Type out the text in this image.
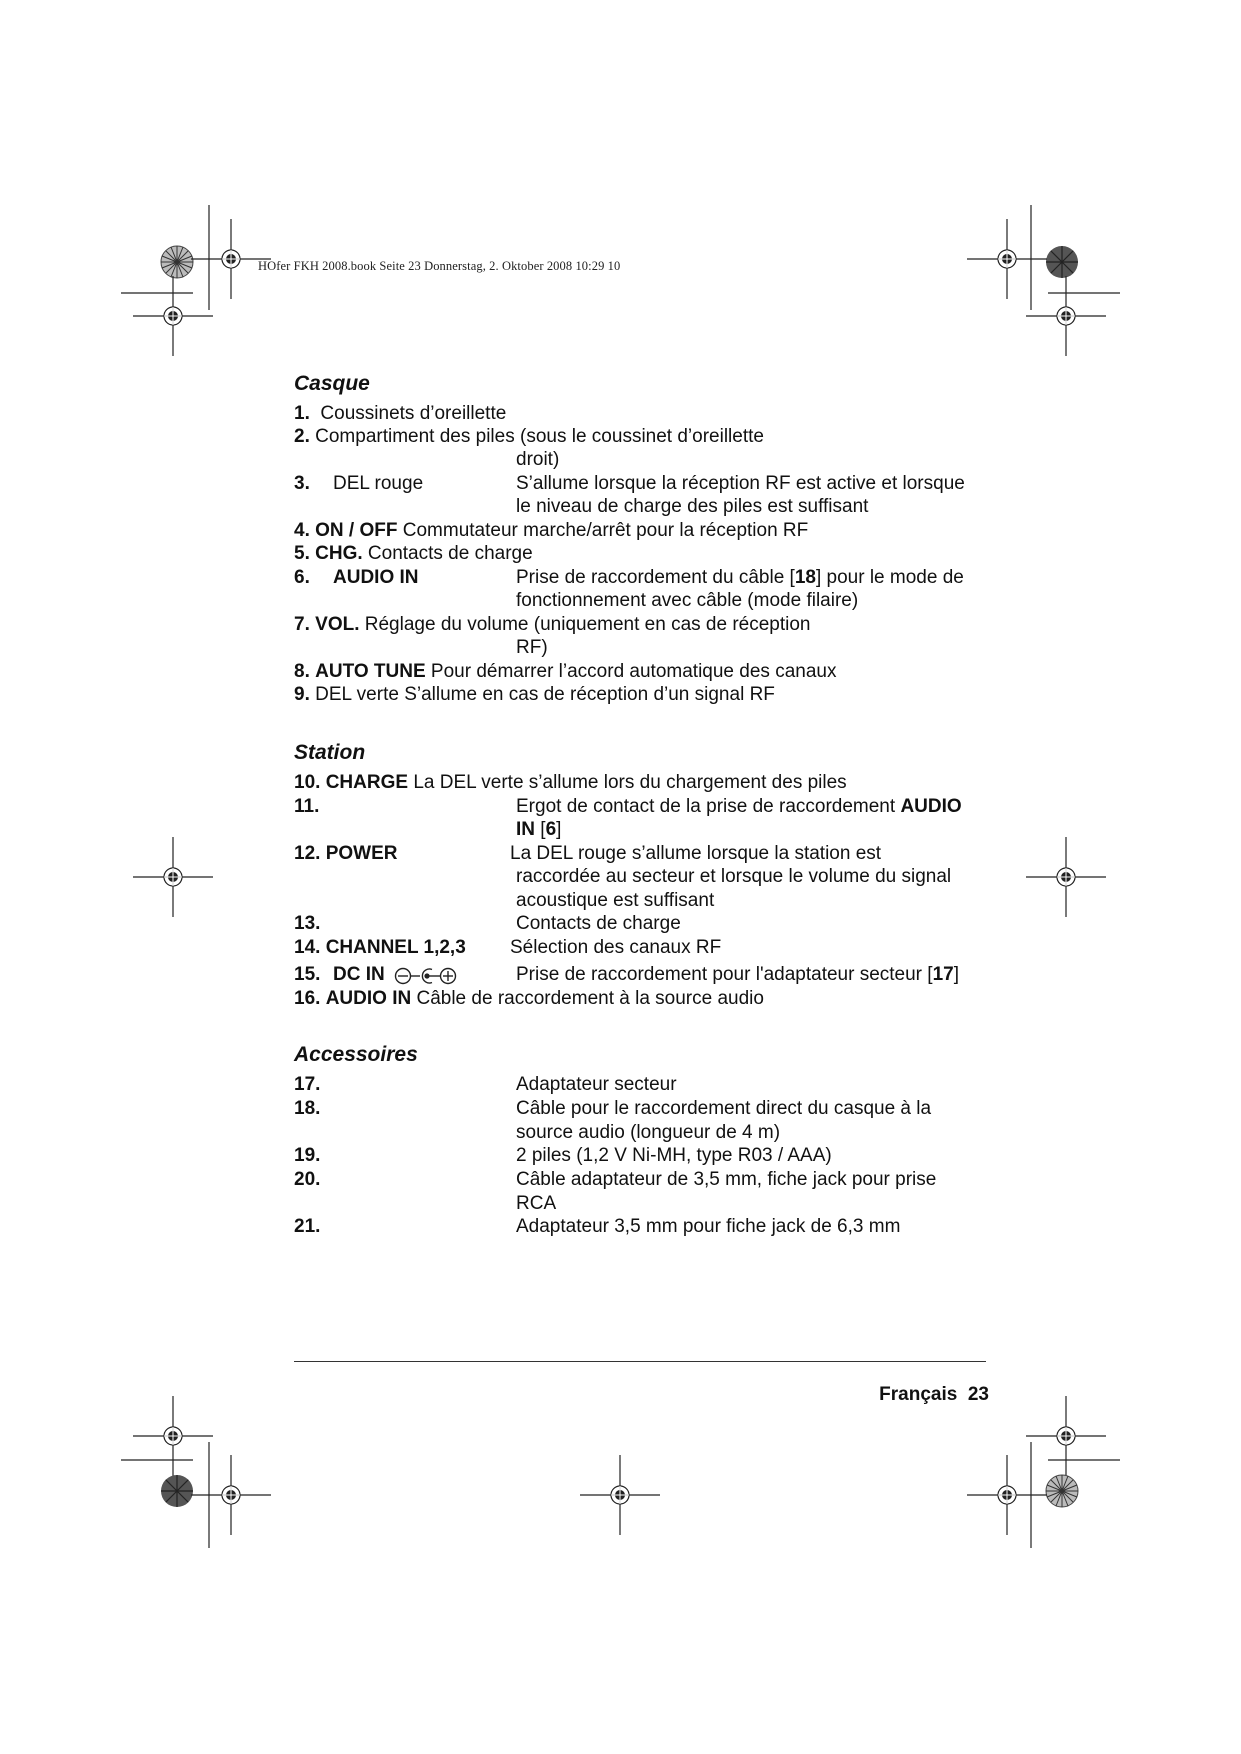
HOfer FKH 2008.book Seite 23 Donnerstag, 2. Oktober 2008 10:29 10
Casque
1. Coussinets d’oreillette
2. Compartiment des piles (sous le coussinet d’oreillette
droit)
3. DEL rouge	S’allume lorsque la réception RF est active et lorsque
le niveau de charge des piles est suffisant
4. ON / OFF Commutateur marche/arrêt pour la réception RF
5. CHG. Contacts de charge
6. AUDIO IN	Prise de raccordement du câble [18] pour le mode de
fonctionnement avec câble (mode filaire)
7. VOL. Réglage du volume (uniquement en cas de réception
RF)
8. AUTO TUNE Pour démarrer l’accord automatique des canaux
9. DEL verte S’allume en cas de réception d’un signal RF
Station
10. CHARGE La DEL verte s’allume lors du chargement des piles
11.	Ergot de contact de la prise de raccordement AUDIO
IN [6]
12. POWER	La DEL rouge s’allume lorsque la station est
raccordée au secteur et lorsque le volume du signal
acoustique est suffisant
13.	Contacts de charge
14. CHANNEL 1,2,3 Sélection des canaux RF
15. DC IN	Prise de raccordement pour l'adaptateur secteur [17]
16. AUDIO IN Câble de raccordement à la source audio
Accessoires
17.	Adaptateur secteur
18.	Câble pour le raccordement direct du casque à la
source audio (longueur de 4 m)
19.	2 piles (1,2 V Ni-MH, type R03 / AAA)
20.	Câble adaptateur de 3,5 mm, fiche jack pour prise
RCA
21.	Adaptateur 3,5 mm pour fiche jack de 6,3 mm
Français 23
